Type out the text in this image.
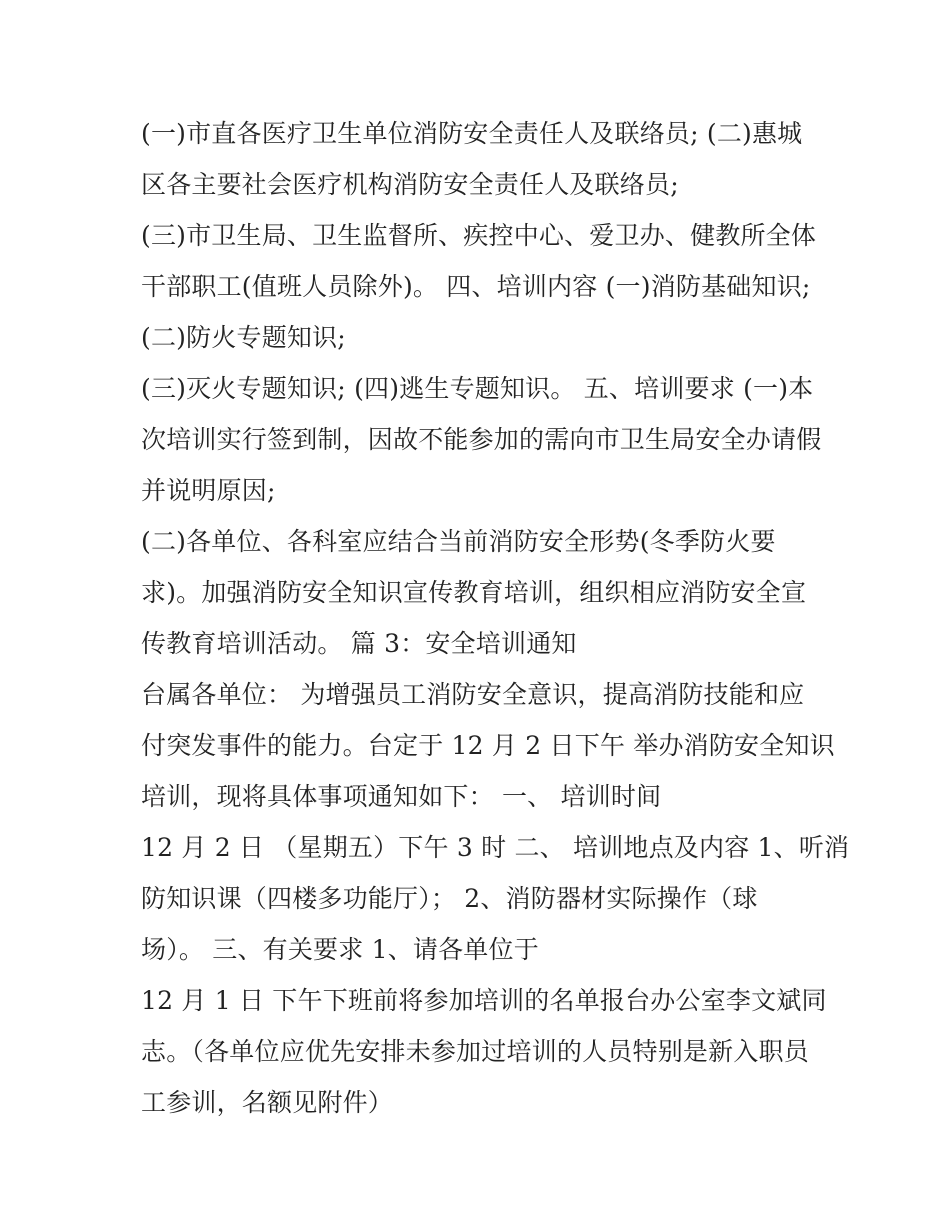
(一)市直各医疗卫生单位消防安全责任人及联络员; (二)惠城
区各主要社会医疗机构消防安全责任人及联络员;
(三)市卫生局、卫生监督所、疾控中心、爱卫办、健教所全体
干部职工(值班人员除外)。 四、培训内容 (一)消防基础知识;
(二)防火专题知识;
(三)灭火专题知识; (四)逃生专题知识。 五、培训要求 (一)本
次培训实行签到制，因故不能参加的需向市卫生局安全办请假
并说明原因;
(二)各单位、各科室应结合当前消防安全形势(冬季防火要
求)。加强消防安全知识宣传教育培训，组织相应消防安全宣
传教育培训活动。 篇 3：安全培训通知
台属各单位： 为增强员工消防安全意识，提高消防技能和应
付突发事件的能力。台定于 12 月 2 日下午 举办消防安全知识
培训，现将具体事项通知如下： 一、 培训时间
12 月 2 日 （星期五）下午 3 时 二、 培训地点及内容 1、听消
防知识课（四楼多功能厅）； 2、消防器材实际操作（球
场）。 三、有关要求 1、请各单位于
12 月 1 日 下午下班前将参加培训的名单报台办公室李文斌同
志。（各单位应优先安排未参加过培训的人员特别是新入职员
工参训，名额见附件）
